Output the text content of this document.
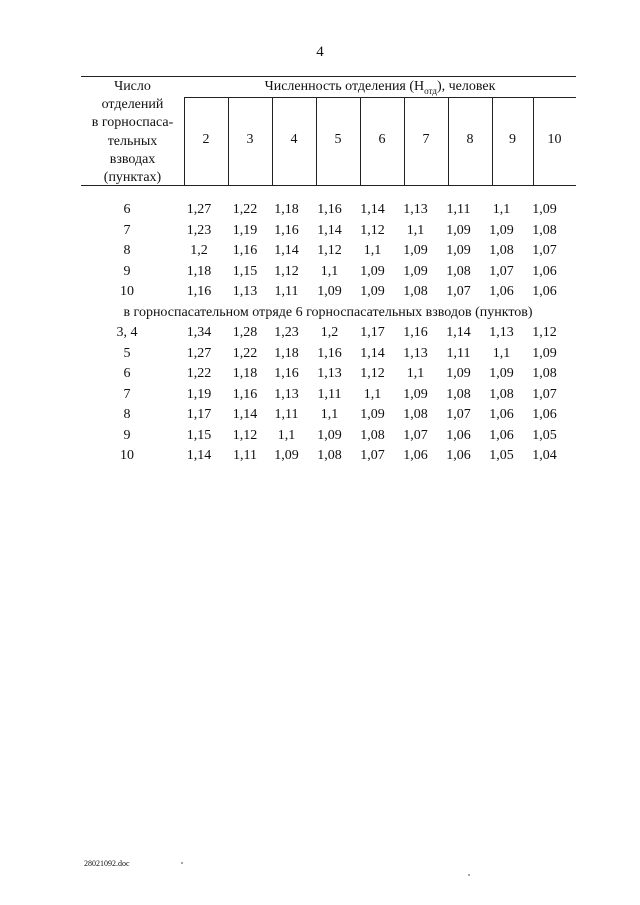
4
Число
отделений
в горноспаса-
тельных
взводах
(пунктах)
Численность отделения $(Н_{отд})$, человек
2	3	4	5	6	7	8	9	10
6	1,27	1,22	1,18	1,16	1,14	1,13	1,11	1,1	1,09
7	1,23	1,19	1,16	1,14	1,12	1,1	1,09	1,09	1,08
8	1,2	1,16	1,14	1,12	1,1	1,09	1,09	1,08	1,07
9	1,18	1,15	1,12	1,1	1,09	1,09	1,08	1,07	1,06
10	1,16	1,13	1,11	1,09	1,09	1,08	1,07	1,06	1,06
в горноспасательном отряде 6 горноспасательных взводов (пунктов)
3, 4	1,34	1,28	1,23	1,2	1,17	1,16	1,14	1,13	1,12
5	1,27	1,22	1,18	1,16	1,14	1,13	1,11	1,1	1,09
6	1,22	1,18	1,16	1,13	1,12	1,1	1,09	1,09	1,08
7	1,19	1,16	1,13	1,11	1,1	1,09	1,08	1,08	1,07
8	1,17	1,14	1,11	1,1	1,09	1,08	1,07	1,06	1,06
9	1,15	1,12	1,1	1,09	1,08	1,07	1,06	1,06	1,05
10	1,14	1,11	1,09	1,08	1,07	1,06	1,06	1,05	1,04
28021092.doc
